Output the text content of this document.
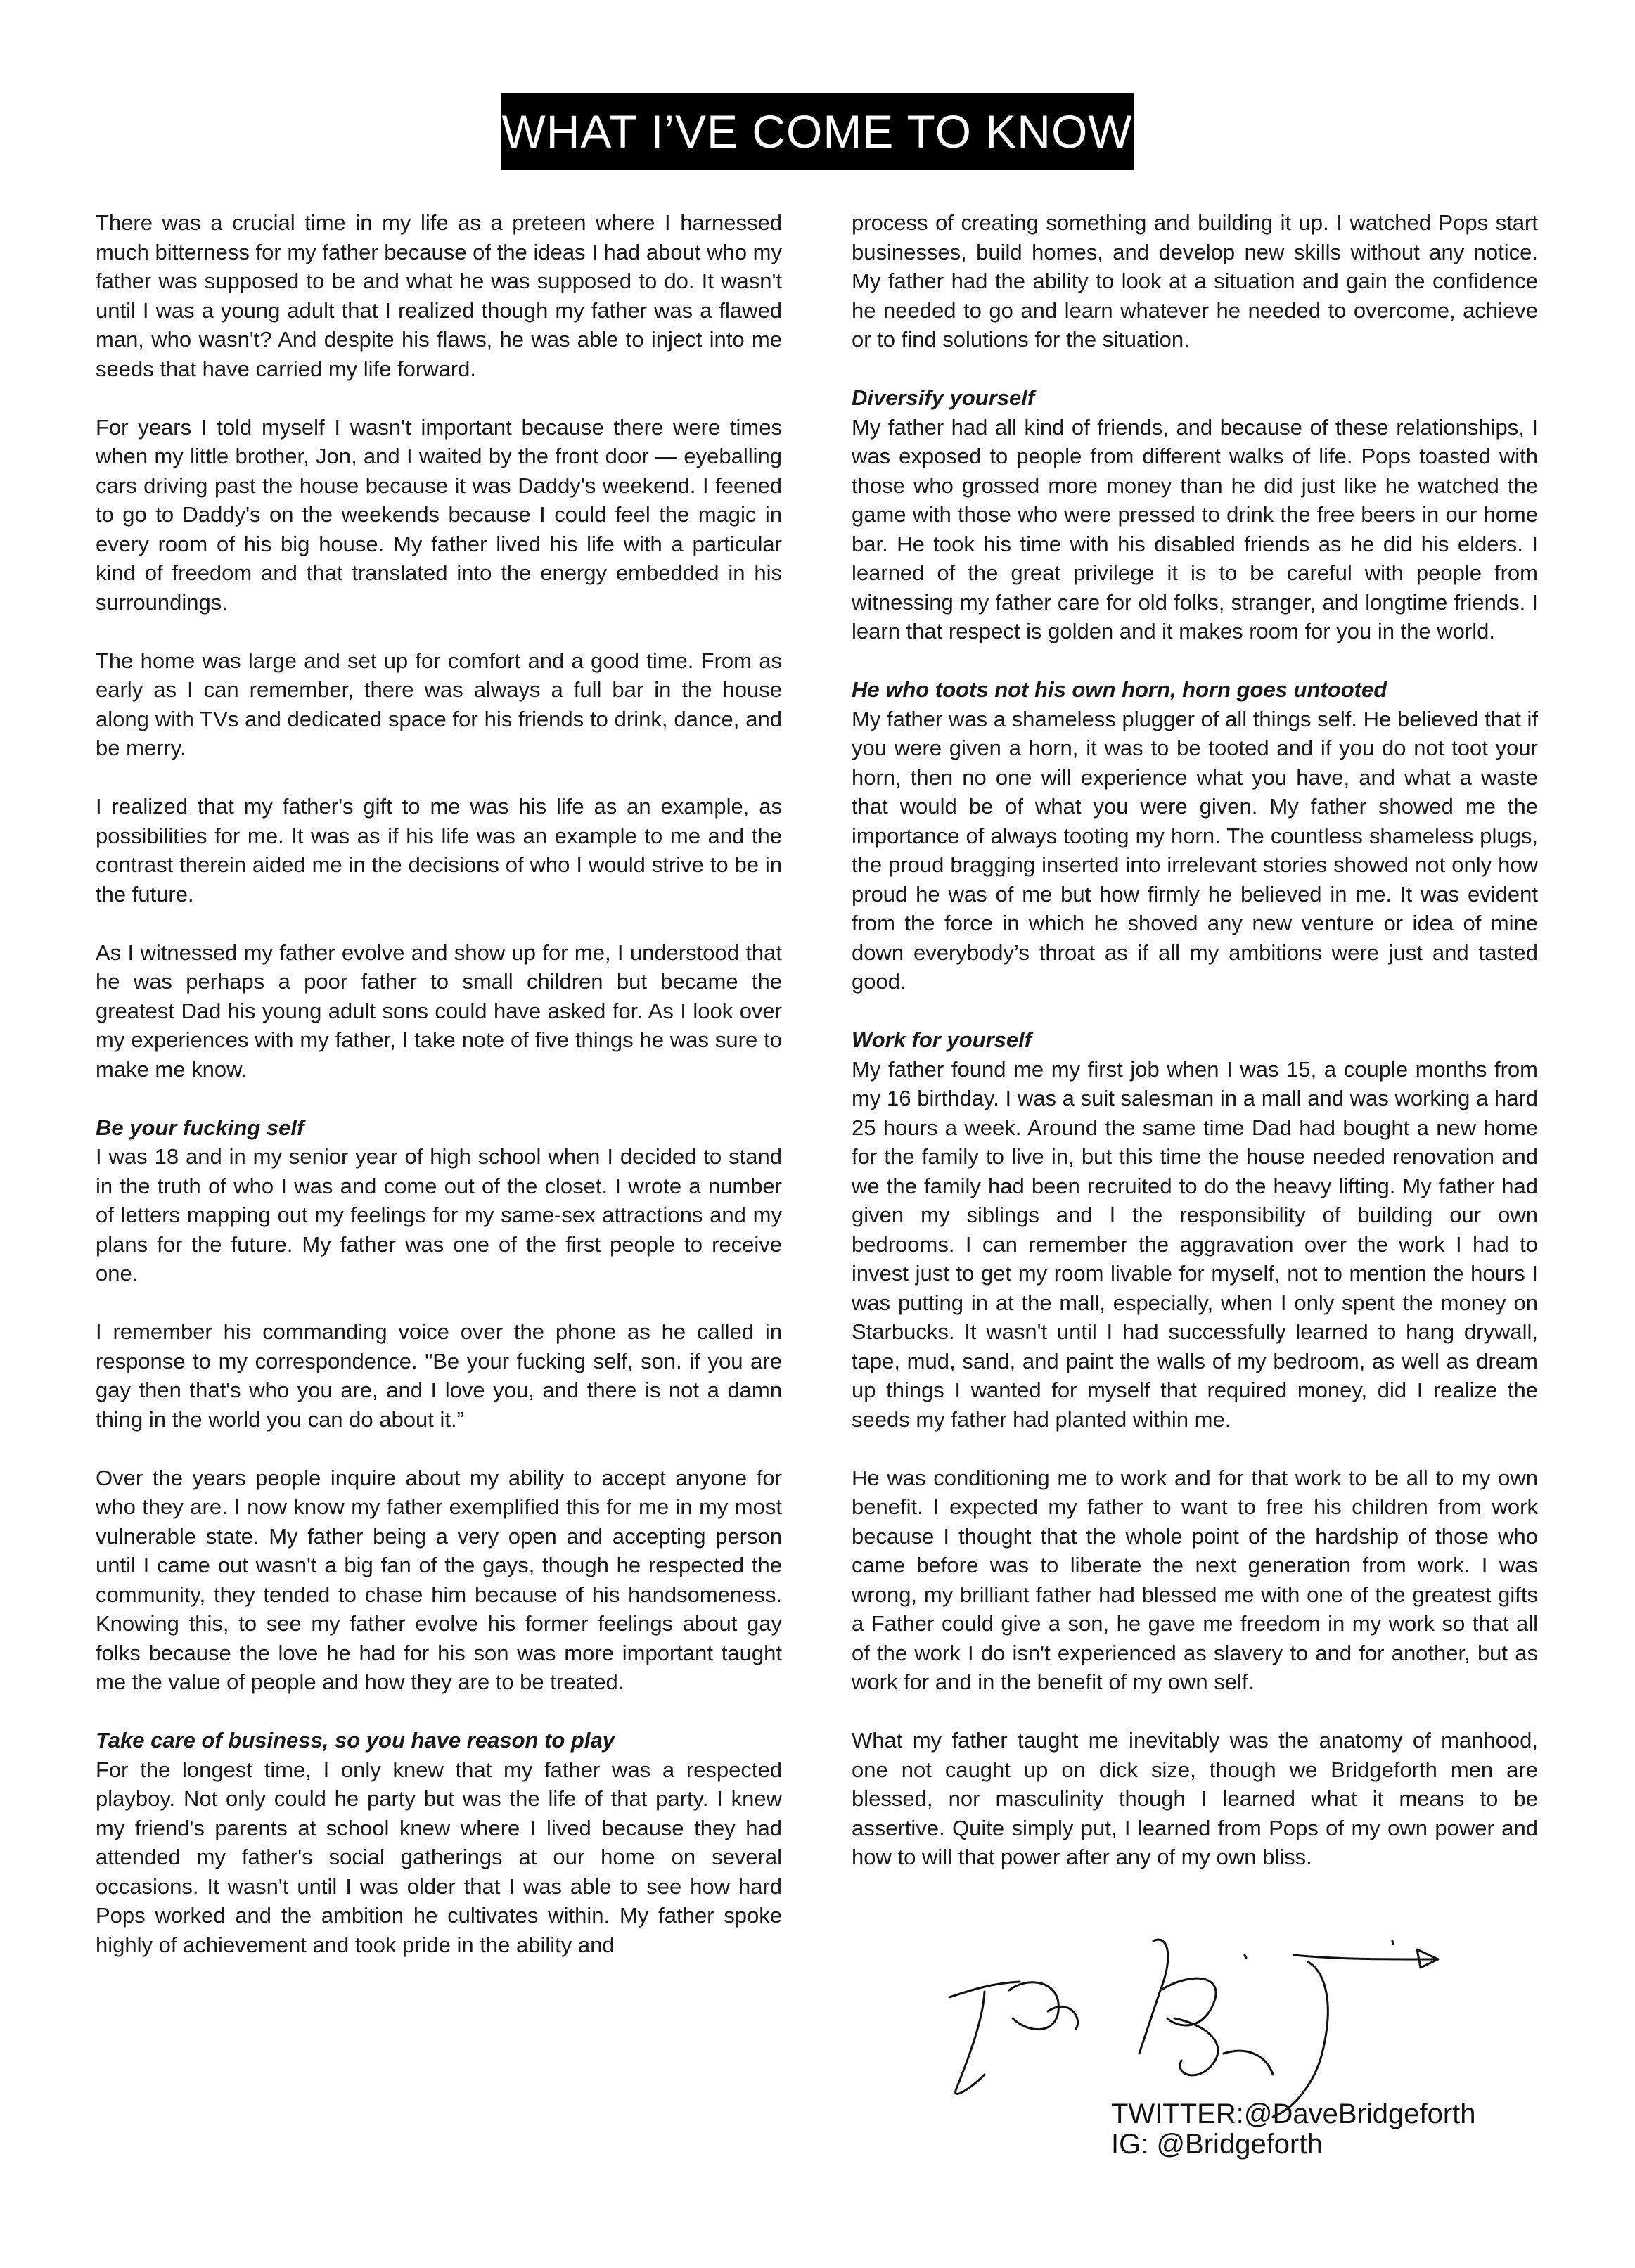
WHAT I’VE COME TO KNOW

There was a crucial time in my life as a preteen where I harnessed much bitterness for my father because of the ideas I had about who my father was supposed to be and what he was supposed to do. It wasn't until I was a young adult that I realized though my father was a flawed man, who wasn't? And despite his flaws, he was able to inject into me seeds that have carried my life forward.

For years I told myself I wasn't important because there were times when my little brother, Jon, and I waited by the front door — eyeballing cars driving past the house because it was Daddy's weekend. I feened to go to Daddy's on the weekends because I could feel the magic in every room of his big house. My father lived his life with a particular kind of freedom and that translated into the energy embedded in his surroundings.

The home was large and set up for comfort and a good time. From as early as I can remember, there was always a full bar in the house along with TVs and dedicated space for his friends to drink, dance, and be merry.

I realized that my father's gift to me was his life as an example, as possibilities for me. It was as if his life was an example to me and the contrast therein aided me in the decisions of who I would strive to be in the future.

As I witnessed my father evolve and show up for me, I understood that he was perhaps a poor father to small children but became the greatest Dad his young adult sons could have asked for. As I look over my experiences with my father, I take note of five things he was sure to make me know.

Be your fucking self

I was 18 and in my senior year of high school when I decided to stand in the truth of who I was and come out of the closet. I wrote a number of letters mapping out my feelings for my same-sex attractions and my plans for the future. My father was one of the first people to receive one.

I remember his commanding voice over the phone as he called in response to my correspondence. "Be your fucking self, son. if you are gay then that's who you are, and I love you, and there is not a damn thing in the world you can do about it.”

Over the years people inquire about my ability to accept anyone for who they are. I now know my father exemplified this for me in my most vulnerable state. My father being a very open and accepting person until I came out wasn't a big fan of the gays, though he respected the community, they tended to chase him because of his handsomeness. Knowing this, to see my father evolve his former feelings about gay folks because the love he had for his son was more important taught me the value of people and how they are to be treated.

Take care of business, so you have reason to play

For the longest time, I only knew that my father was a respected playboy. Not only could he party but was the life of that party. I knew my friend's parents at school knew where I lived because they had attended my father's social gatherings at our home on several occasions. It wasn't until I was older that I was able to see how hard Pops worked and the ambition he cultivates within. My father spoke highly of achievement and took pride in the ability and

process of creating something and building it up. I watched Pops start businesses, build homes, and develop new skills without any notice. My father had the ability to look at a situation and gain the confidence he needed to go and learn whatever he needed to overcome, achieve or to find solutions for the situation.

Diversify yourself

My father had all kind of friends, and because of these relationships, I was exposed to people from different walks of life. Pops toasted with those who grossed more money than he did just like he watched the game with those who were pressed to drink the free beers in our home bar. He took his time with his disabled friends as he did his elders. I learned of the great privilege it is to be careful with people from witnessing my father care for old folks, stranger, and longtime friends. I learn that respect is golden and it makes room for you in the world.

He who toots not his own horn, horn goes untooted

My father was a shameless plugger of all things self. He believed that if you were given a horn, it was to be tooted and if you do not toot your horn, then no one will experience what you have, and what a waste that would be of what you were given. My father showed me the importance of always tooting my horn. The countless shameless plugs, the proud bragging inserted into irrelevant stories showed not only how proud he was of me but how firmly he believed in me. It was evident from the force in which he shoved any new venture or idea of mine down everybody’s throat as if all my ambitions were just and tasted good.

Work for yourself

My father found me my first job when I was 15, a couple months from my 16 birthday. I was a suit salesman in a mall and was working a hard 25 hours a week. Around the same time Dad had bought a new home for the family to live in, but this time the house needed renovation and we the family had been recruited to do the heavy lifting. My father had given my siblings and I the responsibility of building our own bedrooms. I can remember the aggravation over the work I had to invest just to get my room livable for myself, not to mention the hours I was putting in at the mall, especially, when I only spent the money on Starbucks. It wasn't until I had successfully learned to hang drywall, tape, mud, sand, and paint the walls of my bedroom, as well as dream up things I wanted for myself that required money, did I realize the seeds my father had planted within me.

He was conditioning me to work and for that work to be all to my own benefit. I expected my father to want to free his children from work because I thought that the whole point of the hardship of those who came before was to liberate the next generation from work. I was wrong, my brilliant father had blessed me with one of the greatest gifts a Father could give a son, he gave me freedom in my work so that all of the work I do isn't experienced as slavery to and for another, but as work for and in the benefit of my own self.

What my father taught me inevitably was the anatomy of manhood, one not caught up on dick size, though we Bridgeforth men are blessed, nor masculinity though I learned what it means to be assertive. Quite simply put, I learned from Pops of my own power and how to will that power after any of my own bliss.

TWITTER:@DaveBridgeforth
IG: @Bridgeforth
